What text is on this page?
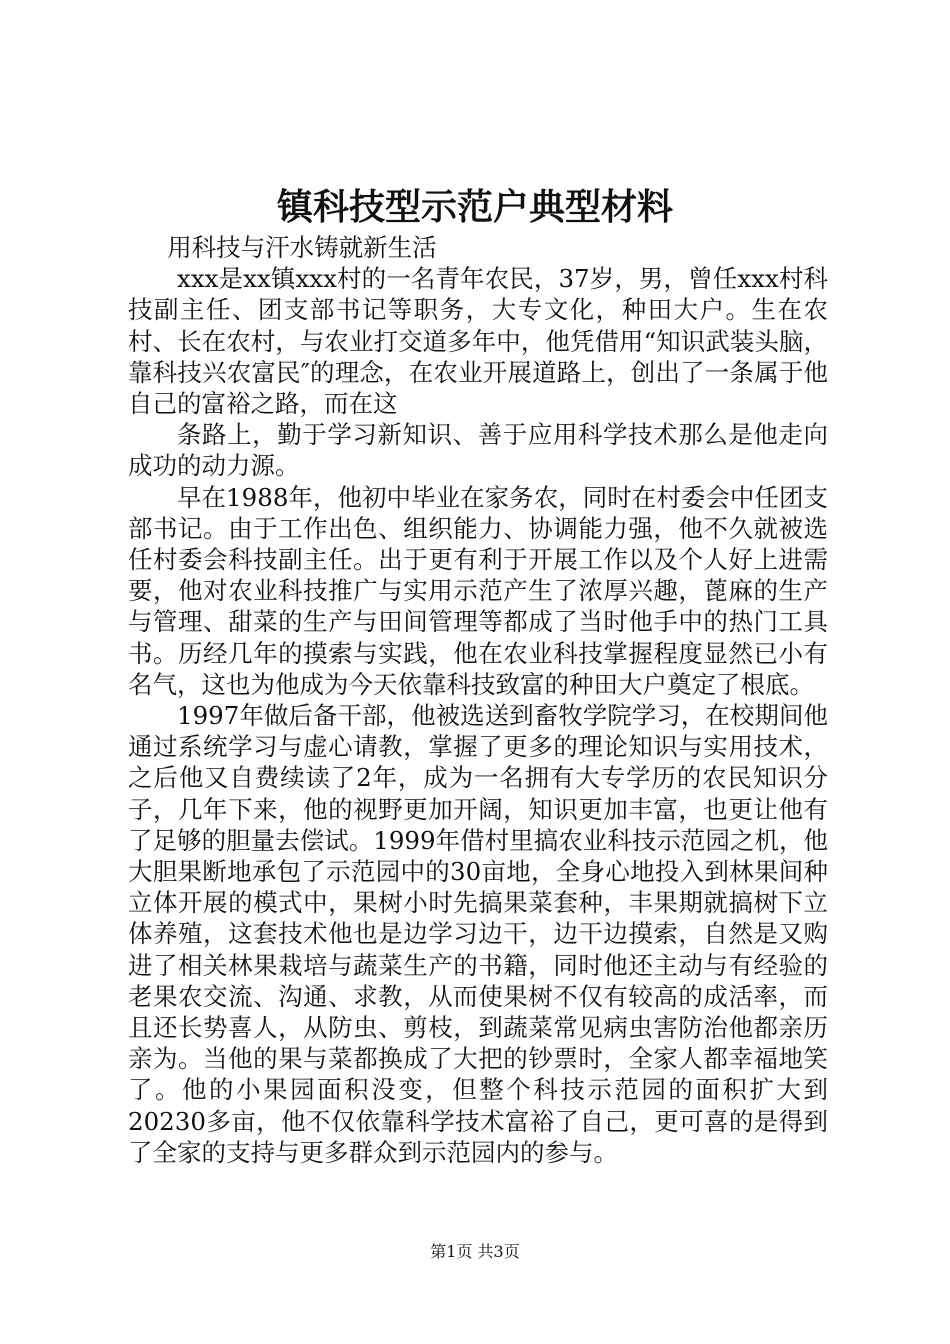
镇科技型示范户典型材料

用科技与汗水铸就新生活

xxx是xx镇xxx村的一名青年农民，37岁，男，曾任xxx村科技副主任、团支部书记等职务，大专文化，种田大户。生在农村、长在农村，与农业打交道多年中，他凭借用“知识武装头脑，靠科技兴农富民″的理念，在农业开展道路上，创出了一条属于他自己的富裕之路，而在这

条路上，勤于学习新知识、善于应用科学技术那么是他走向成功的动力源。

早在1988年，他初中毕业在家务农，同时在村委会中任团支部书记。由于工作出色、组织能力、协调能力强，他不久就被选任村委会科技副主任。出于更有利于开展工作以及个人好上进需要，他对农业科技推广与实用示范产生了浓厚兴趣，蓖麻的生产与管理、甜菜的生产与田间管理等都成了当时他手中的热门工具书。历经几年的摸索与实践，他在农业科技掌握程度显然已小有名气，这也为他成为今天依靠科技致富的种田大户奠定了根底。

1997年做后备干部，他被选送到畜牧学院学习，在校期间他通过系统学习与虚心请教，掌握了更多的理论知识与实用技术，之后他又自费续读了2年，成为一名拥有大专学历的农民知识分子，几年下来，他的视野更加开阔，知识更加丰富，也更让他有了足够的胆量去偿试。1999年借村里搞农业科技示范园之机，他大胆果断地承包了示范园中的30亩地，全身心地投入到林果间种立体开展的模式中，果树小时先搞果菜套种，丰果期就搞树下立体养殖，这套技术他也是边学习边干，边干边摸索，自然是又购进了相关林果栽培与蔬菜生产的书籍，同时他还主动与有经验的老果农交流、沟通、求教，从而使果树不仅有较高的成活率，而且还长势喜人，从防虫、剪枝，到蔬菜常见病虫害防治他都亲历亲为。当他的果与菜都换成了大把的钞票时，全家人都幸福地笑了。他的小果园面积没变，但整个科技示范园的面积扩大到20230多亩，他不仅依靠科学技术富裕了自己，更可喜的是得到了全家的支持与更多群众到示范园内的参与。

第1页 共3页
